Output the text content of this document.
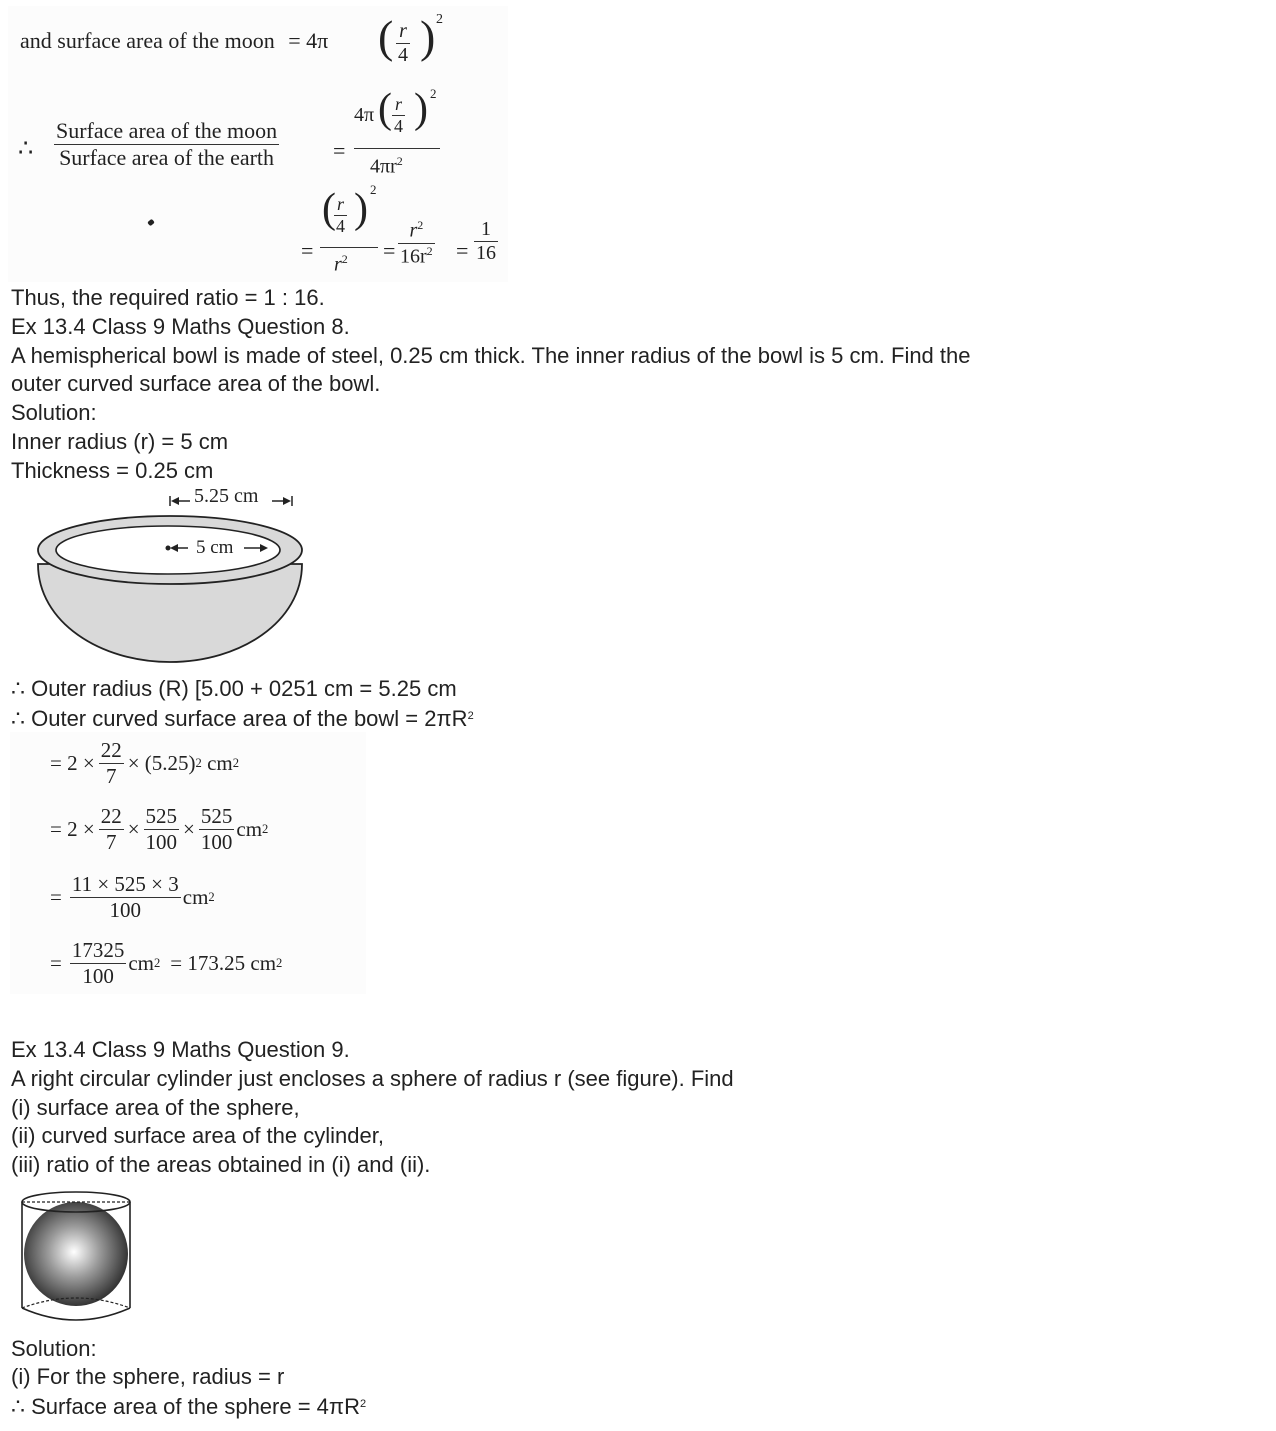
and surface area of the moon = 4π ( r
4 ) 2
∴
Surface area of the moon
Surface area of the earth	=
4π ( r
4 ) 2
$4\pi r^2$
=
( r
4 ) 2
$r^2$ =
$r^2$
$16r^2$ =
1
16
Thus, the required ratio = 1 : 16.
Ex 13.4 Class 9 Maths Question 8.
A hemispherical bowl is made of steel, 0.25 cm thick. The inner radius of the bowl is 5 cm. Find the
outer curved surface area of the bowl.
Solution:
Inner radius (r) = 5 cm
Thickness = 0.25 cm
5.25 cm
5 cm
∴ Outer radius (R) [5.00 + 0251 cm = 5.25 cm
∴ Outer curved surface area of the bowl = $2\pi R^2$
= $2 \times \frac{22}{7} \times (5.25)$ 2 cm 2
= $2 \times \frac{22}{7} \times \frac{525}{100} \times \frac{525}{100}$ cm 2
= $\frac{11 \times 525 \times 3}{100}$ cm 2
= $\frac{17325}{100}$ cm 2 = 173.25 cm 2
Ex 13.4 Class 9 Maths Question 9.
A right circular cylinder just encloses a sphere of radius r (see figure). Find
(i) surface area of the sphere,
(ii) curved surface area of the cylinder,
(iii) ratio of the areas obtained in (i) and (ii).
Solution:
(i) For the sphere, radius = r
∴ Surface area of the sphere = $4\pi R^2$
